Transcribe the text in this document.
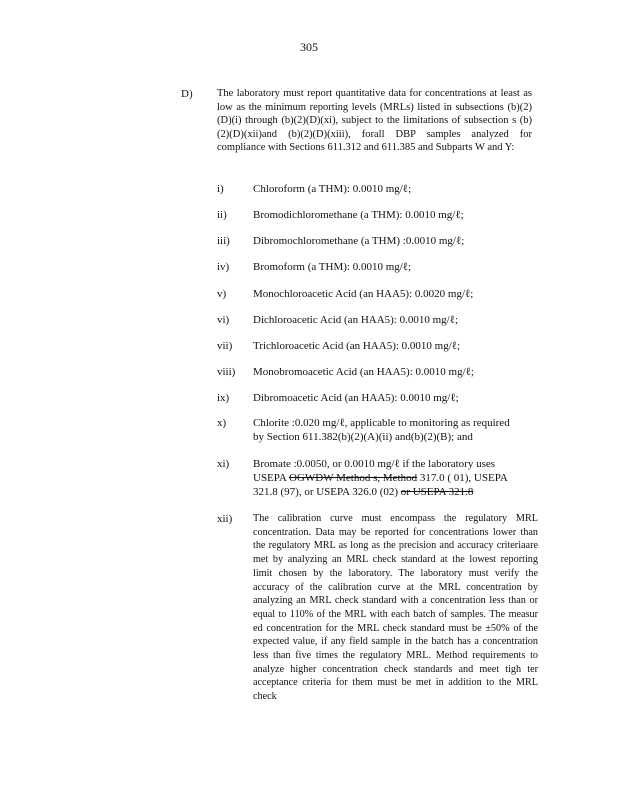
305
D) The laboratory must report quantitative data for concentrations at least as low as the minimum reporting levels (MRLs) listed in subsections (b)(2)(D)(i) through (b)(2)(D)(xi), subject to the limitations of subsection s (b)(2)(D)(xii)and (b)(2)(D)(xiii), forall DBP samples analyzed for compliance with Sections 611.312 and 611.385 and Subparts W and Y:
i)	Chloroform (a THM): 0.0010 mg/ℓ;
ii)	Bromodichloromethane (a THM): 0.0010 mg/ℓ;
iii)	Dibromochloromethane (a THM) :0.0010 mg/ℓ;
iv)	Bromoform (a THM): 0.0010 mg/ℓ;
v)	Monochloroacetic Acid (an HAA5): 0.0020 mg/ℓ;
vi)	Dichloroacetic Acid (an HAA5): 0.0010 mg/ℓ;
vii)	Trichloroacetic Acid (an HAA5): 0.0010 mg/ℓ;
viii)	Monobromoacetic Acid (an HAA5): 0.0010 mg/ℓ;
ix)	Dibromoacetic Acid (an HAA5): 0.0010 mg/ℓ;
x)	Chlorite :0.020 mg/ℓ, applicable to monitoring as required
by Section 611.382(b)(2)(A)(ii) and(b)(2)(B); and
xi)	Bromate :0.0050, or 0.0010 mg/ℓ if the laboratory uses
USEPA OGWDW Method s, Method 317.0 ( 01), USEPA
321.8 (97), or USEPA 326.0 (02) or USEPA 321.8
xii) The calibration curve must encompass the regulatory MRL concentration. Data may be reported for concentrations lower than the regulatory MRL as long as the precision and accuracy criteriaare met by analyzing an MRL check standard at the lowest reporting limit chosen by the laboratory. The laboratory must verify the accuracy of the calibration curve at the MRL concentration by analyzing an MRL check standard with a concentration less than or equal to 110% of the MRL with each batch of samples. The measur ed concentration for the MRL check standard must be ±50% of the expected value, if any field sample in the batch has a concentration less than five times the regulatory MRL. Method requirements to analyze higher concentration check standards and meet tigh ter acceptance criteria for them must be met in addition to the MRL check
